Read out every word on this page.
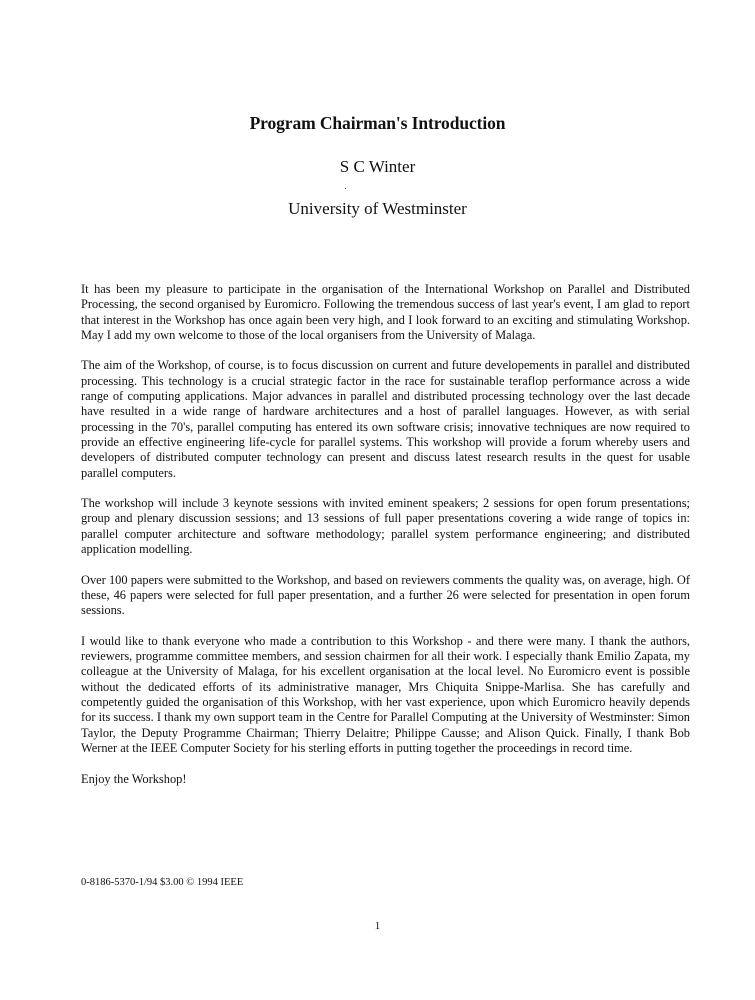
Program Chairman's Introduction
S C Winter
University of Westminster

It has been my pleasure to participate in the organisation of the International Workshop on Parallel and Distributed Processing, the second organised by Euromicro. Following the tremendous success of last year's event, I am glad to report that interest in the Workshop has once again been very high, and I look forward to an exciting and stimulating Workshop. May I add my own welcome to those of the local organisers from the University of Malaga.

The aim of the Workshop, of course, is to focus discussion on current and future developements in parallel and distributed processing. This technology is a crucial strategic factor in the race for sustainable teraflop performance across a wide range of computing applications. Major advances in parallel and distributed processing technology over the last decade have resulted in a wide range of hardware architectures and a host of parallel languages. However, as with serial processing in the 70's, parallel computing has entered its own software crisis; innovative techniques are now required to provide an effective engineering life-cycle for parallel systems. This workshop will provide a forum whereby users and developers of distributed computer technology can present and discuss latest research results in the quest for usable parallel computers.

The workshop will include 3 keynote sessions with invited eminent speakers; 2 sessions for open forum presentations; group and plenary discussion sessions; and 13 sessions of full paper presentations covering a wide range of topics in: parallel computer architecture and software methodology; parallel system performance engineering; and distributed application modelling.

Over 100 papers were submitted to the Workshop, and based on reviewers comments the quality was, on average, high. Of these, 46 papers were selected for full paper presentation, and a further 26 were selected for presentation in open forum sessions.

I would like to thank everyone who made a contribution to this Workshop - and there were many. I thank the authors, reviewers, programme committee members, and session chairmen for all their work. I especially thank Emilio Zapata, my colleague at the University of Malaga, for his excellent organisation at the local level. No Euromicro event is possible without the dedicated efforts of its administrative manager, Mrs Chiquita Snippe-Marlisa. She has carefully and competently guided the organisation of this Workshop, with her vast experience, upon which Euromicro heavily depends for its success. I thank my own support team in the Centre for Parallel Computing at the University of Westminster: Simon Taylor, the Deputy Programme Chairman; Thierry Delaitre; Philippe Causse; and Alison Quick. Finally, I thank Bob Werner at the IEEE Computer Society for his sterling efforts in putting together the proceedings in record time.

Enjoy the Workshop!

0-8186-5370-1/94 $3.00 © 1994 IEEE
1
